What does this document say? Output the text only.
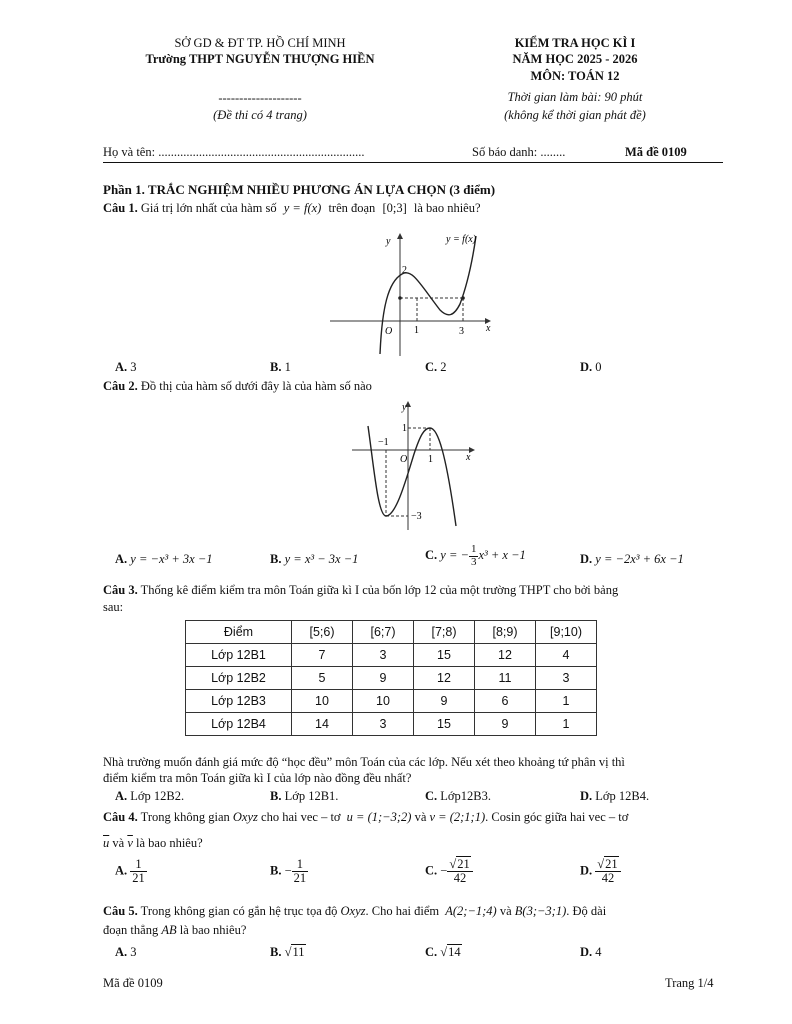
SỞ GD & ĐT TP. HỒ CHÍ MINH
Trường THPT NGUYỄN THƯỢNG HIỀN
--------------------
(Đề thi có 4 trang)
KIỂM TRA HỌC KÌ I
NĂM HỌC 2025 - 2026
MÔN: TOÁN 12
Thời gian làm bài: 90 phút
(không kể thời gian phát đề)
Họ và tên: ..................................................................	Số báo danh: ........	Mã đề 0109
Phần 1. TRẮC NGHIỆM NHIỀU PHƯƠNG ÁN LỰA CHỌN (3 điểm)
Câu 1. Giá trị lớn nhất của hàm số y = f(x) trên đoạn [0;3] là bao nhiêu?
y
x
y = f(x)
2
O 1	3
A. 3	B. 1	C. 2	D. 0
Câu 2. Đồ thị của hàm số dưới đây là của hàm số nào
y
x
1
−1
O 1
−3
A. y = −x³ + 3x −1	B. y = x³ − 3x −1	C. y = − $\frac{1}{3} x^3 + x -1$	D. y = −2x³ + 6x −1
Câu 3. Thống kê điểm kiểm tra môn Toán giữa kì I của bốn lớp 12 của một trường THPT cho bởi bảng
sau:
Điểm	[5;6)	[6;7)	[7;8)	[8;9)	[9;10)
Lớp 12B1	7	3	15	12	4
Lớp 12B2	5	9	12	11	3
Lớp 12B3	10	10	9	6	1
Lớp 12B4	14	3	15	9	1
Nhà trường muốn đánh giá mức độ “học đều” môn Toán của các lớp. Nếu xét theo khoảng tứ phân vị thì
điểm kiểm tra môn Toán giữa kì I của lớp nào đồng đều nhất?
A. Lớp 12B2.	B. Lớp 12B1.	C. Lớp12B3.	D. Lớp 12B4.
Câu 4. Trong không gian Oxyz cho hai vec – tơ u = (1;−3;2) và v = (2;1;1). Cosin góc giữa hai vec – tơ
$\overline{u}$ và $\overline{v}$ là bao nhiêu?
A. $\frac{1}{21}$	B. − $\frac{1}{21}$	C. − $\frac{√21}{42}$	D. $\frac{√21}{42}$
Câu 5. Trong không gian có gắn hệ trục tọa độ Oxyz. Cho hai điểm A(2;−1;4) và B(3;−3;1). Độ dài
đoạn thẳng AB là bao nhiêu?
A. 3	B. √11	C. √14	D. 4
Mã đề 0109	Trang 1/4
